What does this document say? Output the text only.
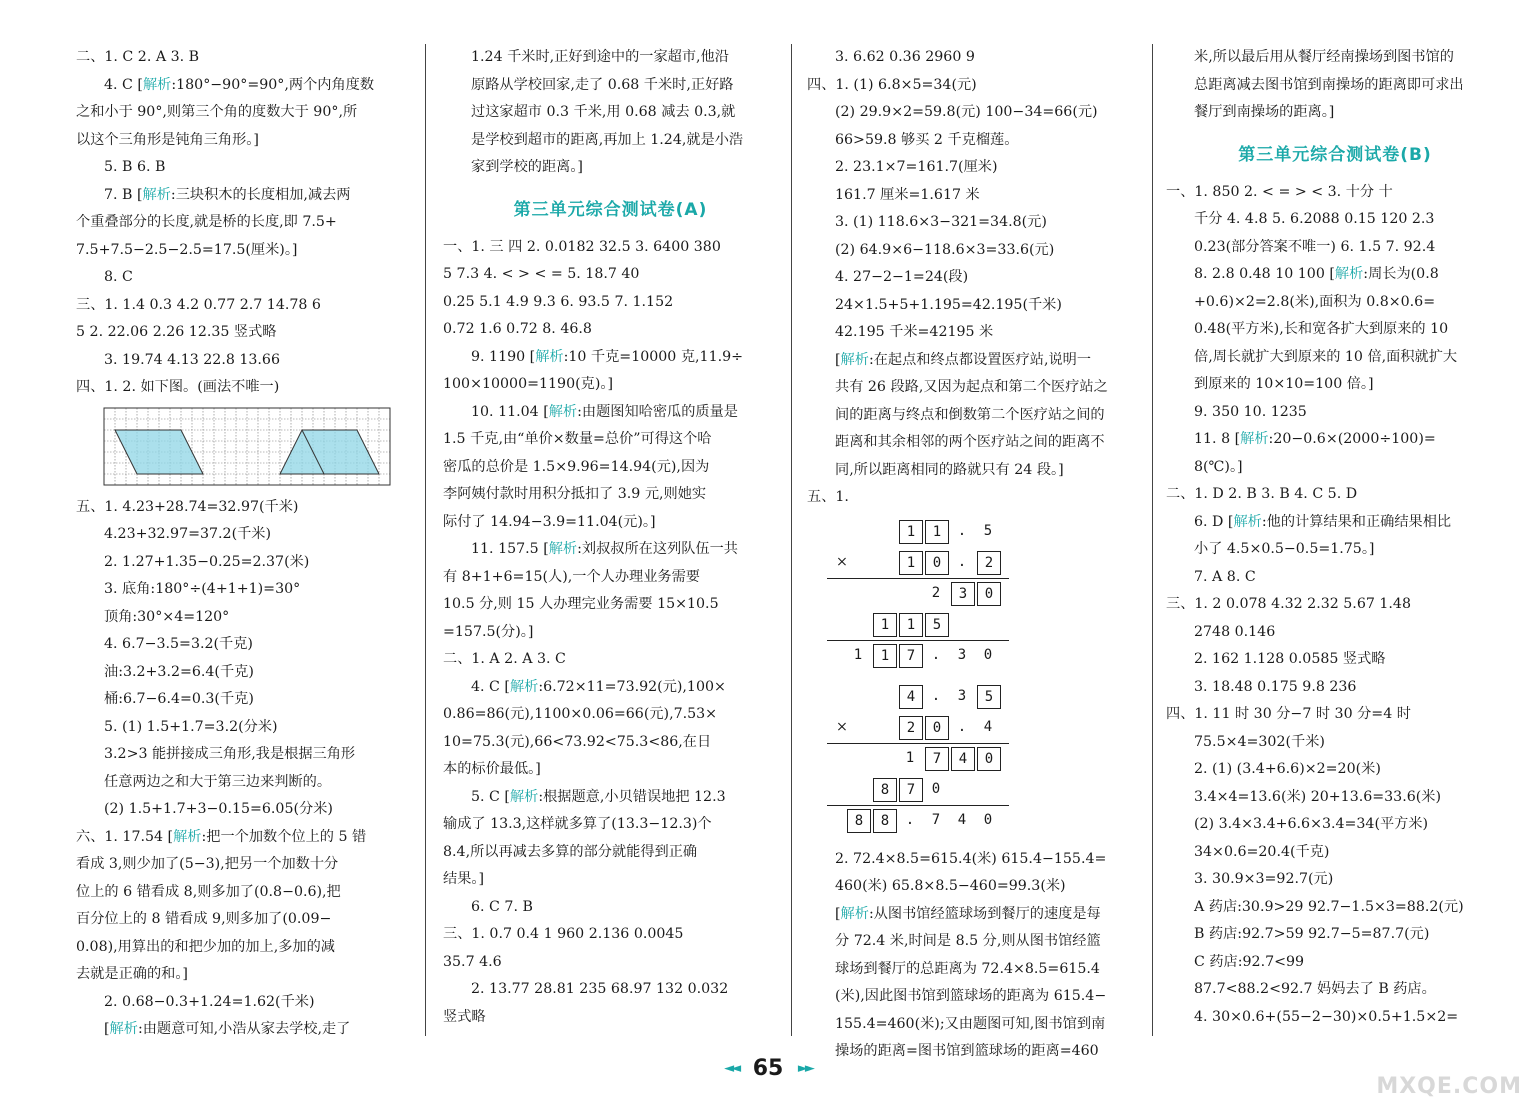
二、1. C 2. A 3. B
4. C [解析:180°−90°=90°,两个内角度数
之和小于 90°,则第三个角的度数大于 90°,所
以这个三角形是钝角三角形。]
5. B 6. B
7. B [解析:三块积木的长度相加,减去两
个重叠部分的长度,就是桥的长度,即 7.5+
7.5+7.5−2.5−2.5=17.5(厘米)。]
8. C
三、1. 1.4 0.3 4.2 0.77 2.7 14.78 6
5 2. 22.06 2.26 12.35 竖式略
3. 19.74 4.13 22.8 13.66
四、1. 2. 如下图。(画法不唯一)
五、1. 4.23+28.74=32.97(千米)
4.23+32.97=37.2(千米)
2. 1.27+1.35−0.25=2.37(米)
3. 底角:180°÷(4+1+1)=30°
顶角:30°×4=120°
4. 6.7−3.5=3.2(千克)
油:3.2+3.2=6.4(千克)
桶:6.7−6.4=0.3(千克)
5. (1) 1.5+1.7=3.2(分米)
3.2>3 能拼接成三角形,我是根据三角形
任意两边之和大于第三边来判断的。
(2) 1.5+1.7+3−0.15=6.05(分米)
六、1. 17.54 [解析:把一个加数个位上的 5 错
看成 3,则少加了(5−3),把另一个加数十分
位上的 6 错看成 8,则多加了(0.8−0.6),把
百分位上的 8 错看成 9,则多加了(0.09−
0.08),用算出的和把少加的加上,多加的减
去就是正确的和。]
2. 0.68−0.3+1.24=1.62(千米)
[解析:由题意可知,小浩从家去学校,走了
1.24 千米时,正好到途中的一家超市,他沿
原路从学校回家,走了 0.68 千米时,正好路
过这家超市 0.3 千米,用 0.68 减去 0.3,就
是学校到超市的距离,再加上 1.24,就是小浩
家到学校的距离。]
第三单元综合测试卷(A)
一、1. 三 四 2. 0.0182 32.5 3. 6400 380
5 7.3 4. < > < = 5. 18.7 40
0.25 5.1 4.9 9.3 6. 93.5 7. 1.152
0.72 1.6 0.72 8. 46.8
9. 1190 [解析:10 千克=10000 克,11.9÷
100×10000=1190(克)。]
10. 11.04 [解析:由题图知哈密瓜的质量是
1.5 千克,由“单价×数量=总价”可得这个哈
密瓜的总价是 1.5×9.96=14.94(元),因为
李阿姨付款时用积分抵扣了 3.9 元,则她实
际付了 14.94−3.9=11.04(元)。]
11. 157.5 [解析:刘叔叔所在这列队伍一共
有 8+1+6=15(人),一个人办理业务需要
10.5 分,则 15 人办理完业务需要 15×10.5
=157.5(分)。]
二、1. A 2. A 3. C
4. C [解析:6.72×11=73.92(元),100×
0.86=86(元),1100×0.06=66(元),7.53×
10=75.3(元),66<73.92<75.3<86,在日
本的标价最低。]
5. C [解析:根据题意,小贝错误地把 12.3
输成了 13.3,这样就多算了(13.3−12.3)个
8.4,所以再减去多算的部分就能得到正确
结果。]
6. C 7. B
三、1. 0.7 0.4 1 960 2.136 0.0045
35.7 4.6
2. 13.77 28.81 235 68.97 132 0.032
竖式略
3. 6.62 0.36 2960 9
四、1. (1) 6.8×5=34(元)
(2) 29.9×2=59.8(元) 100−34=66(元)
66>59.8 够买 2 千克榴莲。
2. 23.1×7=161.7(厘米)
161.7 厘米=1.617 米
3. (1) 118.6×3−321=34.8(元)
(2) 64.9×6−118.6×3=33.6(元)
4. 27−2−1=24(段)
24×1.5+5+1.195=42.195(千米)
42.195 千米=42195 米
[解析:在起点和终点都设置医疗站,说明一
共有 26 段路,又因为起点和第二个医疗站之
间的距离与终点和倒数第二个医疗站之间的
距离和其余相邻的两个医疗站之间的距离不
同,所以距离相同的路就只有 24 段。]
五、1.
1	1	.	5
1	0	.	2
×
2	3	0
1	1	5
1	1	7	.	3	0
4	.	3	5
2	0	.	4
×
1	7	4	0
8	7	0
8	8	.	7	4	0
2. 72.4×8.5=615.4(米) 615.4−155.4=
460(米) 65.8×8.5−460=99.3(米)
[解析:从图书馆经篮球场到餐厅的速度是每
分 72.4 米,时间是 8.5 分,则从图书馆经篮
球场到餐厅的总距离为 72.4×8.5=615.4
(米),因此图书馆到篮球场的距离为 615.4−
155.4=460(米);又由题图可知,图书馆到南
操场的距离=图书馆到篮球场的距离=460
米,所以最后用从餐厅经南操场到图书馆的
总距离减去图书馆到南操场的距离即可求出
餐厅到南操场的距离。]
第三单元综合测试卷(B)
一、1. 850 2. < = > < 3. 十分 十
千分 4. 4.8 5. 6.2088 0.15 120 2.3
0.23(部分答案不唯一) 6. 1.5 7. 92.4
8. 2.8 0.48 10 100 [解析:周长为(0.8
+0.6)×2=2.8(米),面积为 0.8×0.6=
0.48(平方米),长和宽各扩大到原来的 10
倍,周长就扩大到原来的 10 倍,面积就扩大
到原来的 10×10=100 倍。]
9. 350 10. 1235
11. 8 [解析:20−0.6×(2000÷100)=
8(℃)。]
二、1. D 2. B 3. B 4. C 5. D
6. D [解析:他的计算结果和正确结果相比
小了 4.5×0.5−0.5=1.75。]
7. A 8. C
三、1. 2 0.078 4.32 2.32 5.67 1.48
2748 0.146
2. 162 1.128 0.0585 竖式略
3. 18.48 0.175 9.8 236
四、1. 11 时 30 分−7 时 30 分=4 时
75.5×4=302(千米)
2. (1) (3.4+6.6)×2=20(米)
3.4×4=13.6(米) 20+13.6=33.6(米)
(2) 3.4×3.4+6.6×3.4=34(平方米)
34×0.6=20.4(千克)
3. 30.9×3=92.7(元)
A 药店:30.9>29 92.7−1.5×3=88.2(元)
B 药店:92.7>59 92.7−5=87.7(元)
C 药店:92.7<99
87.7<88.2<92.7 妈妈去了 B 药店。
4. 30×0.6+(55−2−30)×0.5+1.5×2=
◄◄ 65 ►►
MXQE.COM
